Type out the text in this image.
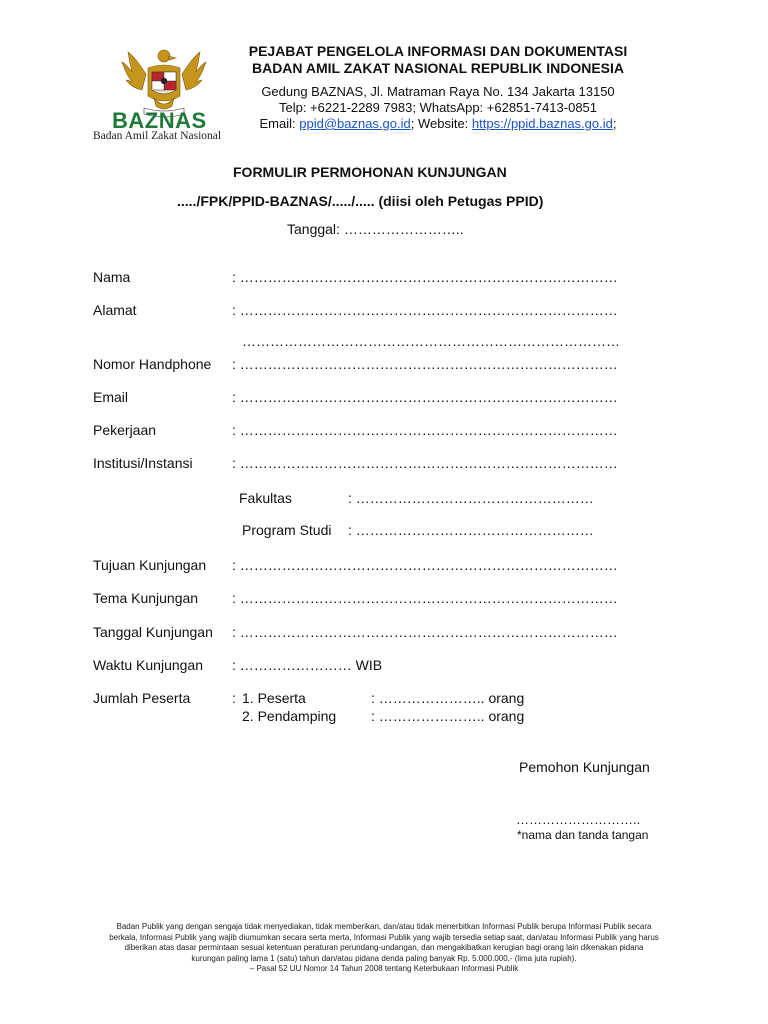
BAZNAS
Badan Amil Zakat Nasional
PEJABAT PENGELOLA INFORMASI DAN DOKUMENTASI
BADAN AMIL ZAKAT NASIONAL REPUBLIK INDONESIA
Gedung BAZNAS, Jl. Matraman Raya No. 134 Jakarta 13150
Telp: +6221-2289 7983; WhatsApp: +62851-7413-0851
Email: ppid@baznas.go.id; Website: https://ppid.baznas.go.id;
FORMULIR PERMOHONAN KUNJUNGAN
...../FPK/PPID-BAZNAS/...../..... (diisi oleh Petugas PPID)
Tanggal: ……………………..
Nama	: ………………………………………………………………………
Alamat	: ………………………………………………………………………
………………………………………………………………………
Nomor Handphone : ………………………………………………………………………
Email	: ………………………………………………………………………
Pekerjaan	: ………………………………………………………………………
Institusi/Instansi	: ………………………………………………………………………
Fakultas	: ……………………………………………
Program Studi : ……………………………………………
Tujuan Kunjungan : ………………………………………………………………………
Tema Kunjungan : ………………………………………………………………………
Tanggal Kunjungan : ………………………………………………………………………
Waktu Kunjungan : …………………… WIB
Jumlah Peserta	: 1. Peserta	: ………………….. orang
2. Pendamping : ………………….. orang
Pemohon Kunjungan
………………………..
*nama dan tanda tangan
Badan Publik yang dengan sengaja tidak menyediakan, tidak memberikan, dan/atau tidak menerbitkan Informasi Publik berupa Informasi Publik secara
berkala, Informasi Publik yang wajib diumumkan secara serta merta, Informasi Publik yang wajib tersedia setiap saat, dan/atau Informasi Publik yang harus
diberikan atas dasar permintaan sesuai ketentuan peraturan perundang-undangan, dan mengakibatkan kerugian bagi orang lain dikenakan pidana
kurungan paling lama 1 (satu) tahun dan/atau pidana denda paling banyak Rp. 5.000.000,- (lima juta rupiah).
– Pasal 52 UU Nomor 14 Tahun 2008 tentang Keterbukaan Informasi Publik
